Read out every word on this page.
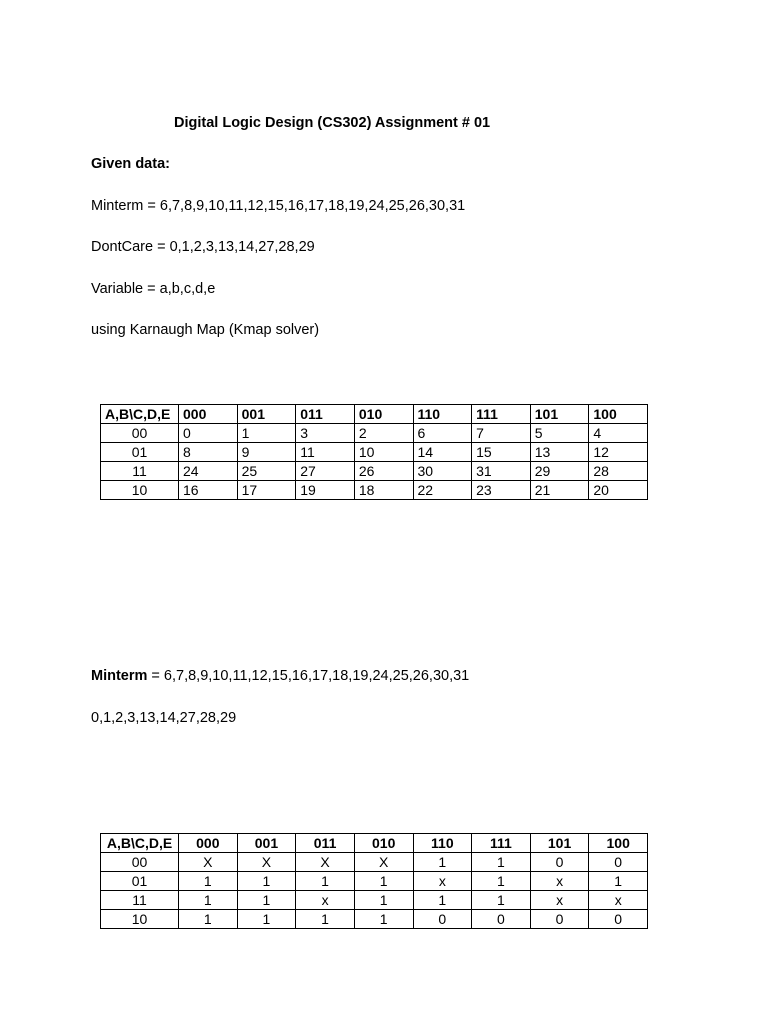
Digital Logic Design (CS302) Assignment # 01
Given data:
Minterm = 6,7,8,9,10,11,12,15,16,17,18,19,24,25,26,30,31
DontCare = 0,1,2,3,13,14,27,28,29
Variable = a,b,c,d,e
using Karnaugh Map (Kmap solver)
A,B\C,D,E	000	001	011	010	110	111	101	100
00	0	1	3	2	6	7	5	4
01	8	9	11	10	14	15	13	12
11	24	25	27	26	30	31	29	28
10	16	17	19	18	22	23	21	20
Minterm = 6,7,8,9,10,11,12,15,16,17,18,19,24,25,26,30,31
0,1,2,3,13,14,27,28,29
A,B\C,D,E	000	001	011	010	110	111	101	100
00	X	X	X	X	1	1	0	0
01	1	1	1	1	x	1	x	1
11	1	1	x	1	1	1	x	x
10	1	1	1	1	0	0	0	0
